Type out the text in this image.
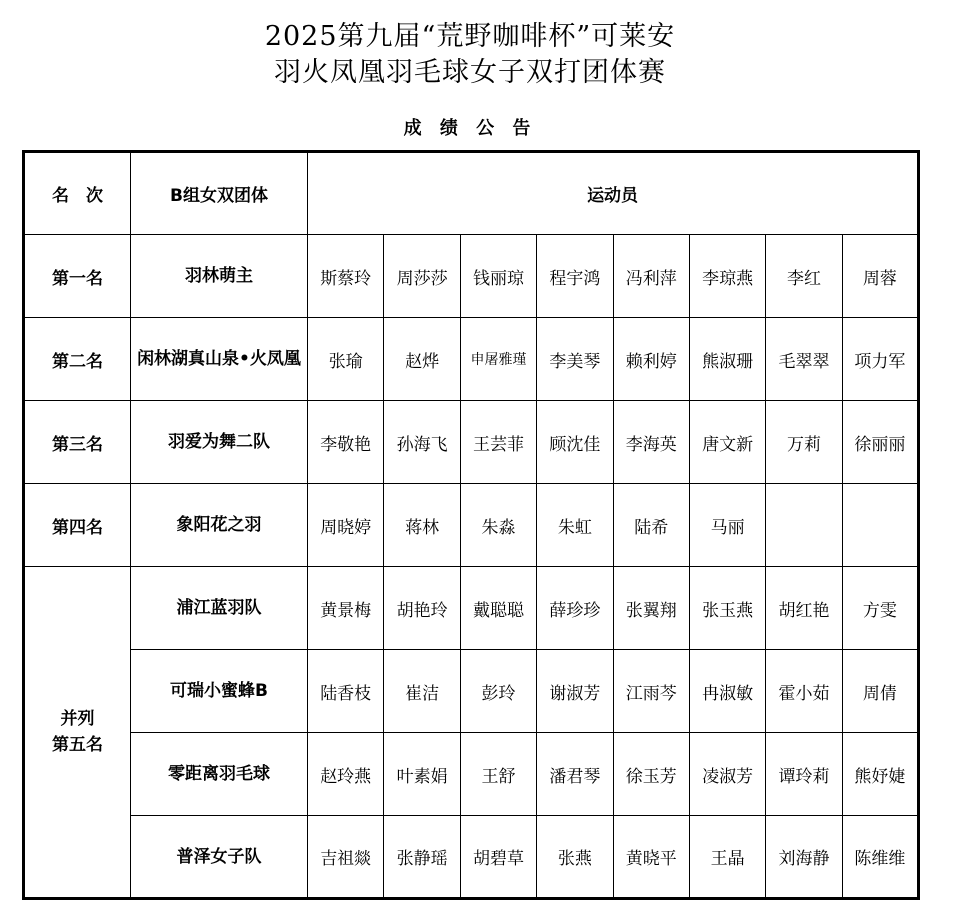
2025第九届“荒野咖啡杯”可莱安
羽火凤凰羽毛球女子双打团体赛
成 绩 公 告
名　次	B组女双团体	运动员							
第一名	羽林萌主	斯蔡玲	周莎莎	钱丽琼	程宇鸿	冯利萍	李琼燕	李红	周蓉
第二名	闲林湖真山泉•火凤凰	张瑜	赵烨	申屠雅瑾	李美琴	赖利婷	熊淑珊	毛翠翠	项力军
第三名	羽爱为舞二队	李敬艳	孙海飞	王芸菲	顾沈佳	李海英	唐文新	万莉	徐丽丽
第四名	象阳花之羽	周晓婷	蒋林	朱淼	朱虹	陆希	马丽		
并列
第五名	浦江蓝羽队	黄景梅	胡艳玲	戴聪聪	薛珍珍	张翼翔	张玉燕	胡红艳	方雯
	可瑞小蜜蜂B	陆香枝	崔洁	彭玲	谢淑芳	江雨芩	冉淑敏	霍小茹	周倩
	零距离羽毛球	赵玲燕	叶素娟	王舒	潘君琴	徐玉芳	凌淑芳	谭玲莉	熊妤婕
	普泽女子队	吉祖燚	张静瑶	胡碧草	张燕	黄晓平	王晶	刘海静	陈维维
